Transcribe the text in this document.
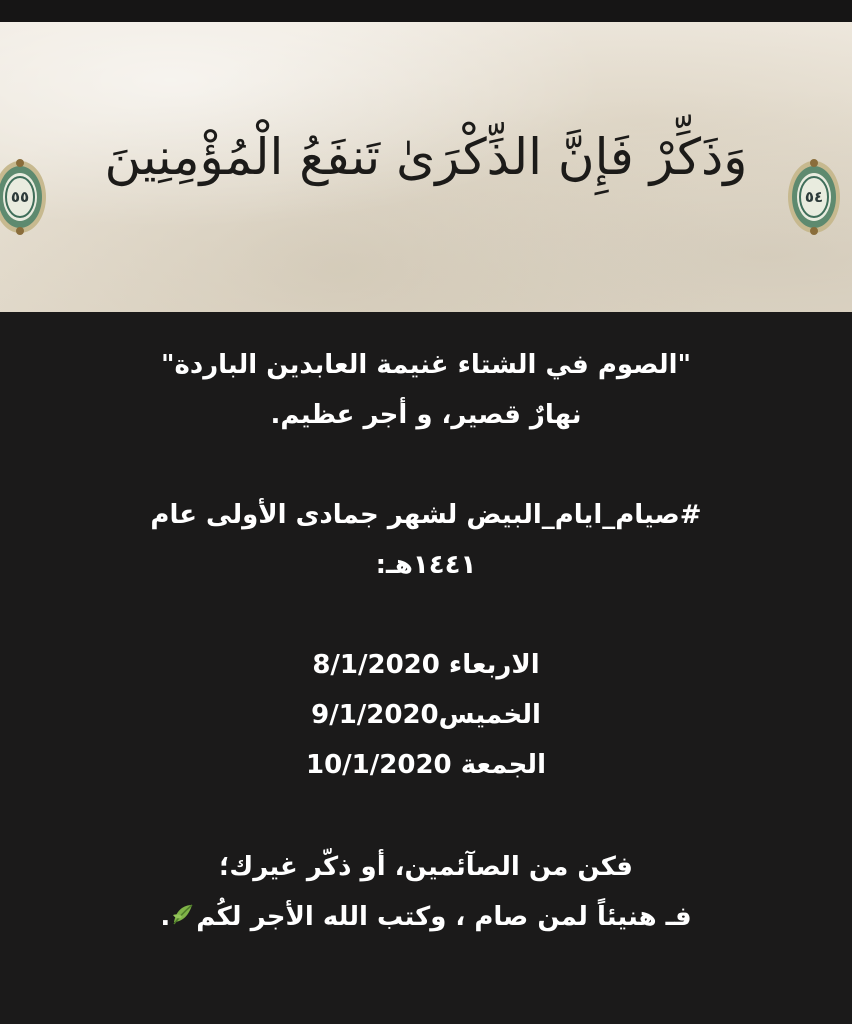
٥٥
وَذَكِّرْ فَإِنَّ الذِّكْرَىٰ تَنفَعُ الْمُؤْمِنِينَ
٥٤
"الصوم في الشتاء غنيمة العابدين الباردة"
نهارٌ قصير، و أجر عظيم.
#صيام_ايام_البيض لشهر جمادى الأولى عام
١٤٤١هـ:
الاربعاء 8/1/2020
الخميس9/1/2020
الجمعة 10/1/2020
فكن من الصآئمين، أو ذكّر غيرك؛
فـ هنيئاً لمن صام ، وكتب الله الأجر لكُم.
